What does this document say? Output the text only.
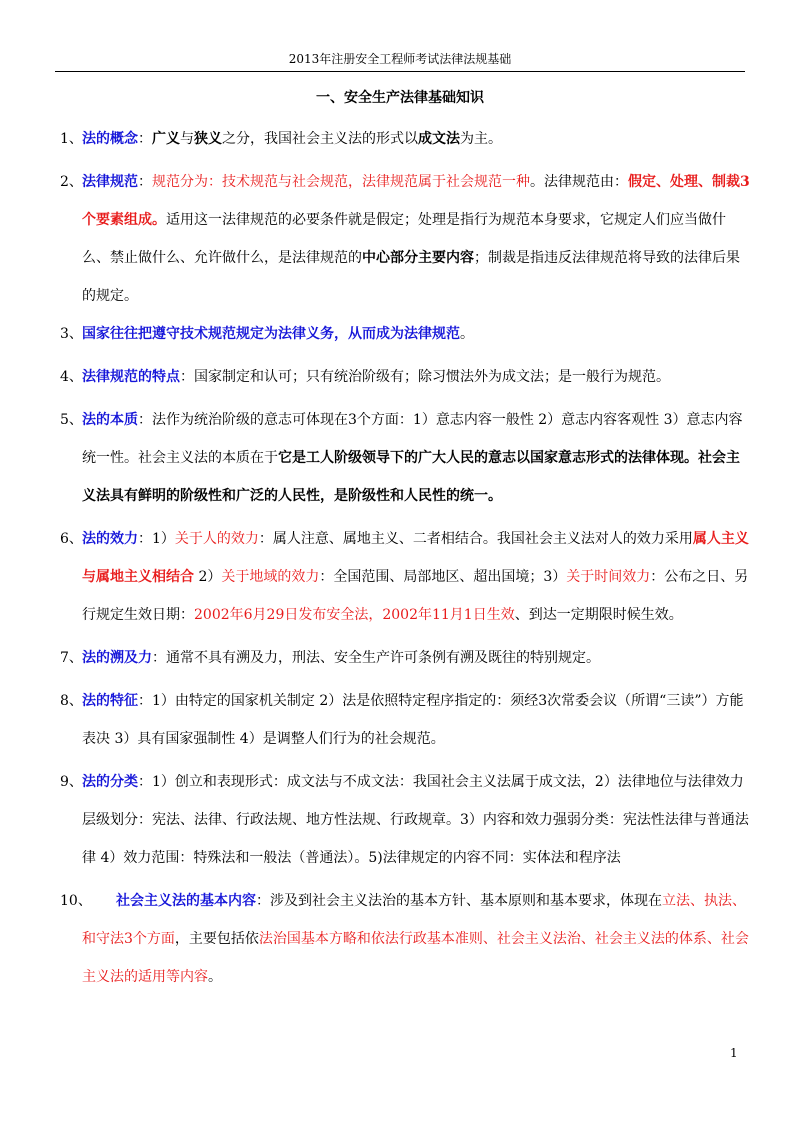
2013年注册安全工程师考试法律法规基础
一、安全生产法律基础知识
1、 法的概念：广义与狭义之分，我国社会主义法的形式以成文法为主。
2、 法律规范：规范分为：技术规范与社会规范，法律规范属于社会规范一种。法律规范由：假定、处理、制裁3个要素组成。适用这一法律规范的必要条件就是假定；处理是指行为规范本身要求，它规定人们应当做什么、禁止做什么、允许做什么，是法律规范的中心部分主要内容；制裁是指违反法律规范将导致的法律后果的规定。
3、 国家往往把遵守技术规范规定为法律义务，从而成为法律规范。
4、 法律规范的特点：国家制定和认可；只有统治阶级有；除习惯法外为成文法；是一般行为规范。
5、 法的本质：法作为统治阶级的意志可体现在3个方面：1）意志内容一般性 2）意志内容客观性 3）意志内容统一性。社会主义法的本质在于它是工人阶级领导下的广大人民的意志以国家意志形式的法律体现。社会主义法具有鲜明的阶级性和广泛的人民性，是阶级性和人民性的统一。
6、 法的效力：1）关于人的效力：属人注意、属地主义、二者相结合。我国社会主义法对人的效力采用属人主义与属地主义相结合 2）关于地域的效力：全国范围、局部地区、超出国境；3）关于时间效力：公布之日、另行规定生效日期：2002年6月29日发布安全法，2002年11月1日生效、到达一定期限时候生效。
7、 法的溯及力：通常不具有溯及力，刑法、安全生产许可条例有溯及既往的特别规定。
8、 法的特征：1）由特定的国家机关制定 2）法是依照特定程序指定的：须经3次常委会议（所谓“三读”）方能表决 3）具有国家强制性 4）是调整人们行为的社会规范。
9、 法的分类：1）创立和表现形式：成文法与不成文法：我国社会主义法属于成文法，2）法律地位与法律效力层级划分：宪法、法律、行政法规、地方性法规、行政规章。3）内容和效力强弱分类：宪法性法律与普通法律 4）效力范围：特殊法和一般法（普通法）。5)法律规定的内容不同：实体法和程序法
10、	社会主义法的基本内容：涉及到社会主义法治的基本方针、基本原则和基本要求，体现在立法、执法、和守法3个方面，主要包括依法治国基本方略和依法行政基本准则、社会主义法治、社会主义法的体系、社会主义法的适用等内容。
1
